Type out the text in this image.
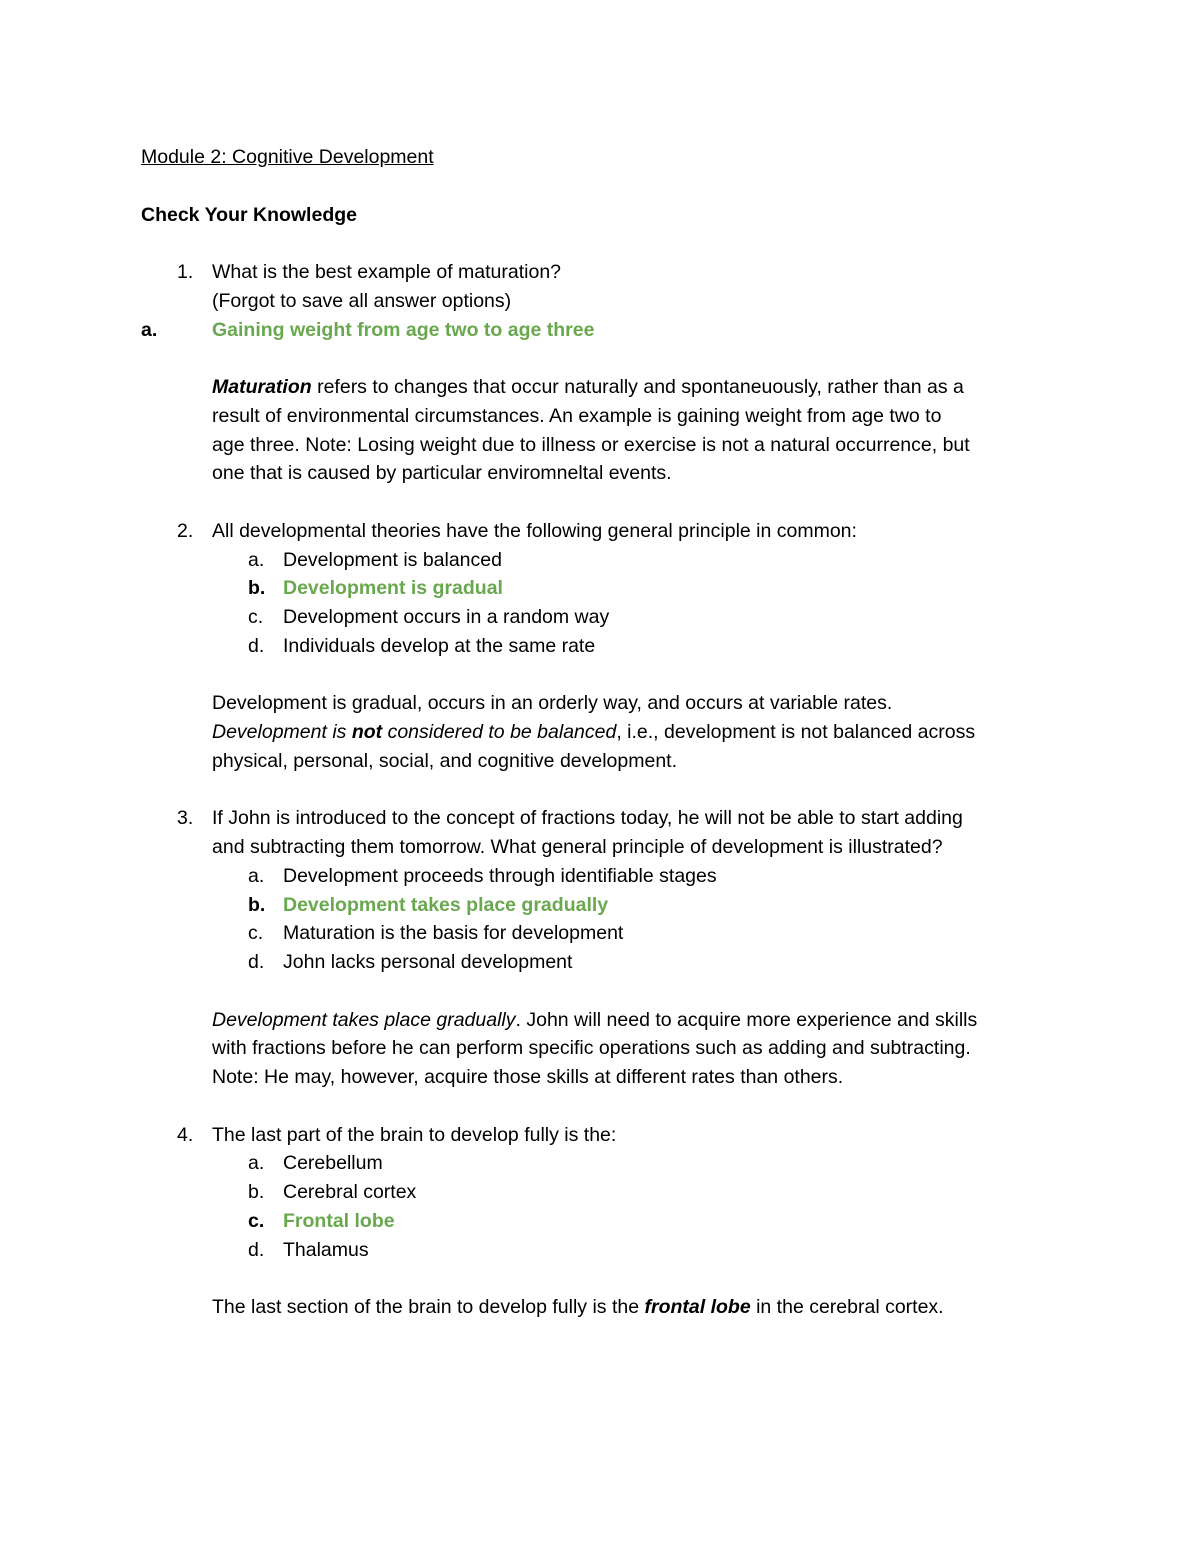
Module 2: Cognitive Development
Check Your Knowledge
1. What is the best example of maturation?
(Forgot to save all answer options)
a.	Gaining weight from age two to age three
Maturation refers to changes that occur naturally and spontaneuously, rather than as a
result of environmental circumstances. An example is gaining weight from age two to
age three. Note: Losing weight due to illness or exercise is not a natural occurrence, but
one that is caused by particular enviromneltal events.
2. All developmental theories have the following general principle in common:
a. Development is balanced
b. Development is gradual
c. Development occurs in a random way
d. Individuals develop at the same rate
Development is gradual, occurs in an orderly way, and occurs at variable rates.
Development is not considered to be balanced, i.e., development is not balanced across
physical, personal, social, and cognitive development.
3. If John is introduced to the concept of fractions today, he will not be able to start adding
and subtracting them tomorrow. What general principle of development is illustrated?
a. Development proceeds through identifiable stages
b. Development takes place gradually
c. Maturation is the basis for development
d. John lacks personal development
Development takes place gradually. John will need to acquire more experience and skills
with fractions before he can perform specific operations such as adding and subtracting.
Note: He may, however, acquire those skills at different rates than others.
4. The last part of the brain to develop fully is the:
a. Cerebellum
b. Cerebral cortex
c. Frontal lobe
d. Thalamus
The last section of the brain to develop fully is the frontal lobe in the cerebral cortex.
